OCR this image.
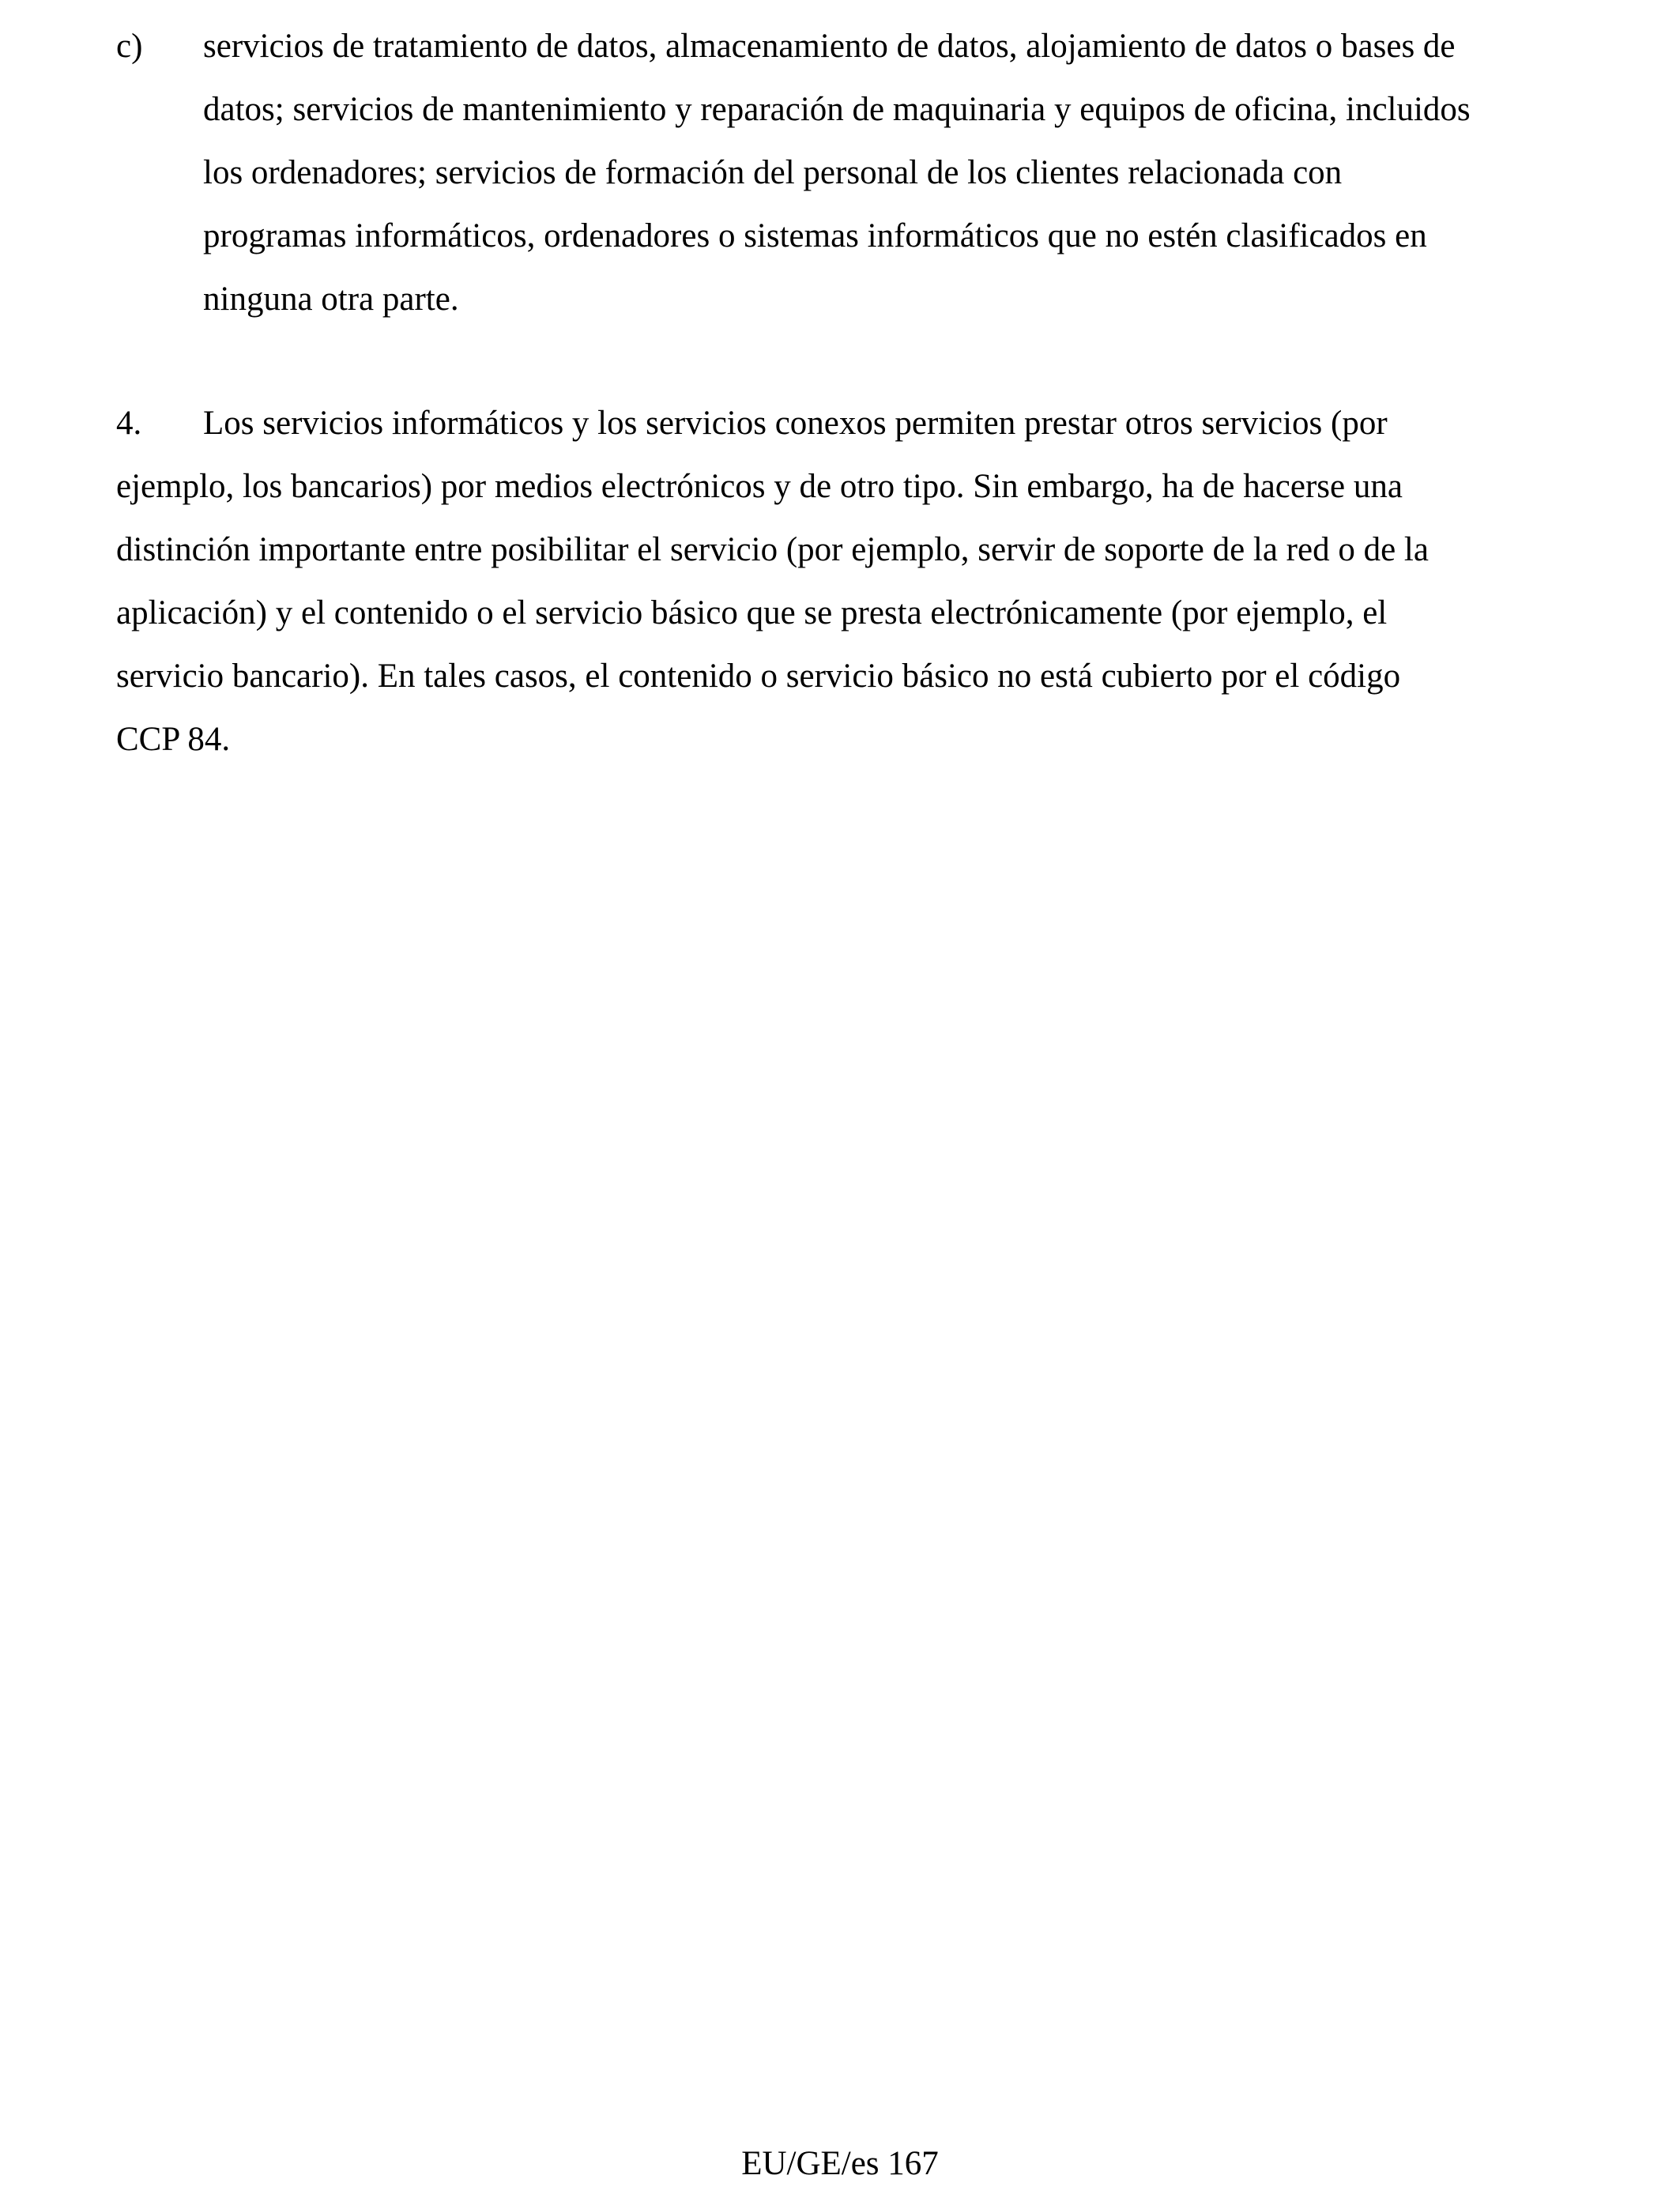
c) servicios de tratamiento de datos, almacenamiento de datos, alojamiento de datos o bases de
datos; servicios de mantenimiento y reparación de maquinaria y equipos de oficina, incluidos
los ordenadores; servicios de formación del personal de los clientes relacionada con
programas informáticos, ordenadores o sistemas informáticos que no estén clasificados en
ninguna otra parte.
4. Los servicios informáticos y los servicios conexos permiten prestar otros servicios (por
ejemplo, los bancarios) por medios electrónicos y de otro tipo. Sin embargo, ha de hacerse una
distinción importante entre posibilitar el servicio (por ejemplo, servir de soporte de la red o de la
aplicación) y el contenido o el servicio básico que se presta electrónicamente (por ejemplo, el
servicio bancario). En tales casos, el contenido o servicio básico no está cubierto por el código
CCP 84.
EU/GE/es 167
